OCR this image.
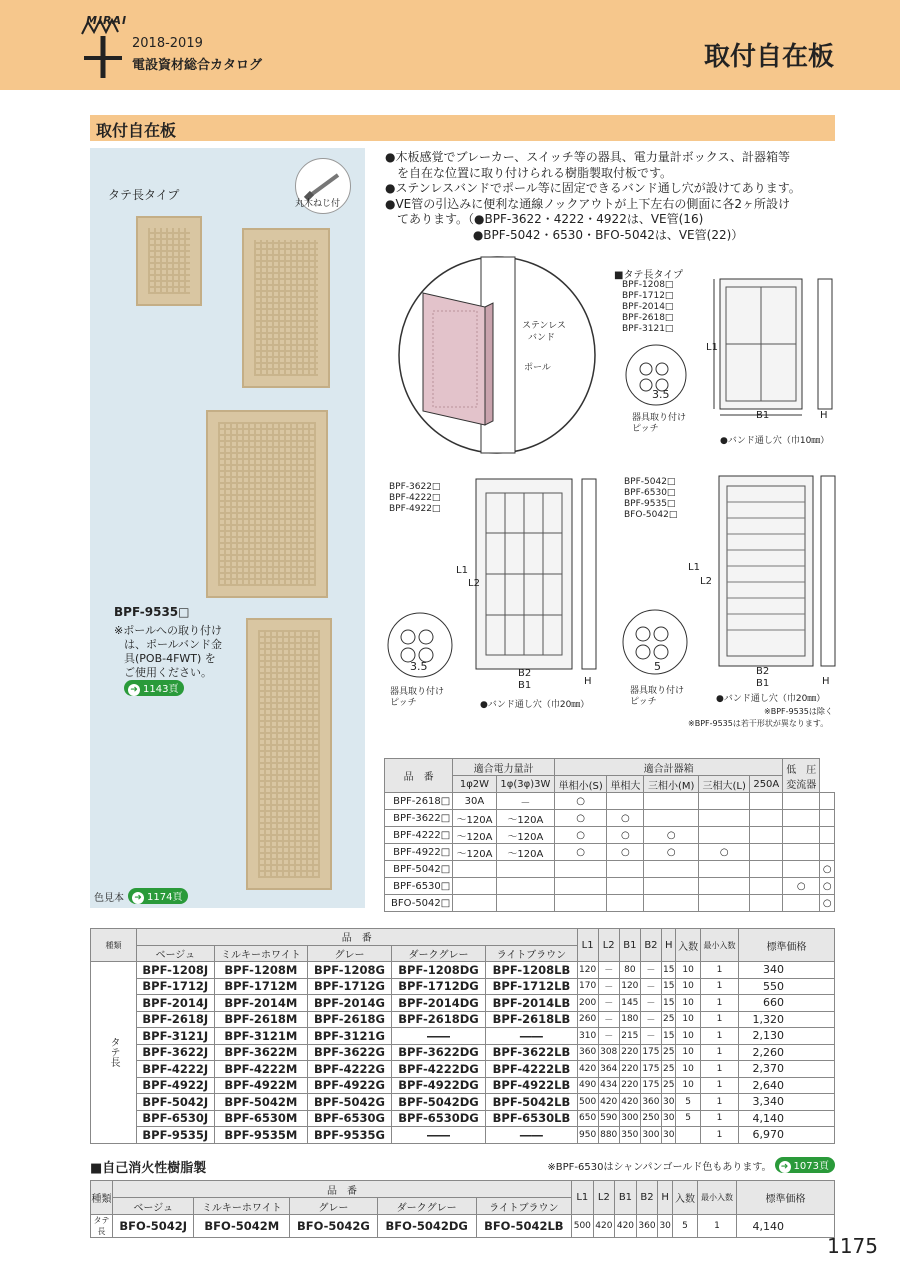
MIRAI
2018-2019
電設資材総合カタログ	取付自在板
取付自在板
タテ長タイプ
丸木ねじ付
BPF-9535□
※ポールへの取り付け
は、ポールバンド金
具(POB-4FWT) を
ご使用ください。
➜ 1143頁
色見本	➜ 1174頁

●木板感覚でブレーカー、スイッチ等の器具、電力量計ボックス、計器箱等

　を自在な位置に取り付けられる樹脂製取付板です。

●ステンレスバンドでポール等に固定できるバンド通し穴が設けてあります。

●VE管の引込みに便利な通線ノックアウトが上下左右の側面に各2ヶ所設け

　てあります。（●BPF-3622・4222・4922は、VE管(16)

　　　　　　　 ●BPF-5042・6530・BFO-5042は、VE管(22)）

ステンレス
バンド
ポール
■タテ長タイプ
BPF-1208□
BPF-1712□
BPF-2014□
BPF-2618□
BPF-3121□
L1
B1	H
3.5
器具取り付け
ピッチ
●バンド通し穴（巾10㎜）
BPF-3622□
BPF-4222□
BPF-4922□
L1
L2
B2
B1	H
3.5
器具取り付け
ピッチ	●バンド通し穴（巾20㎜）
BPF-5042□
BPF-6530□
BPF-9535□
BFO-5042□
L1
L2
B2
B1	H
5
器具取り付け
ピッチ	●バンド通し穴（巾20㎜）
※BPF-9535は除く
※BPF-9535は若干形状が異なります。
品　番	適合電力量計		適合計器箱					低　圧
変流器	

	1φ2W	1φ(3φ)3W	単相小(S)	単相大	三相小(M)	三相大(L)	250A		
BPF-2618□	30A	－	○						
BPF-3622□	～120A	～120A	○	○					
BPF-4222□	～120A	～120A	○	○	○				
BPF-4922□	～120A	～120A	○	○	○	○			
BPF-5042□									○
BPF-6530□								○	○
BFO-5042□									○
種類	品　番					L1	L2	B1	B2	H	入数	最小入数	標準価格
	ベージュ	ミルキーホワイト	グレー	ダークグレー	ライトブラウン								
タテ長	BPF-1208J	BPF-1208M	BPF-1208G	BPF-1208DG	BPF-1208LB	120	－	80	－	15	10	1	340
	BPF-1712J	BPF-1712M	BPF-1712G	BPF-1712DG	BPF-1712LB	170	－	120	－	15	10	1	550
	BPF-2014J	BPF-2014M	BPF-2014G	BPF-2014DG	BPF-2014LB	200	－	145	－	15	10	1	660
	BPF-2618J	BPF-2618M	BPF-2618G	BPF-2618DG	BPF-2618LB	260	－	180	－	25	10	1	1,320
	BPF-3121J	BPF-3121M	BPF-3121G	――	――	310	－	215	－	15	10	1	2,130
	BPF-3622J	BPF-3622M	BPF-3622G	BPF-3622DG	BPF-3622LB	360	308	220	175	25	10	1	2,260
	BPF-4222J	BPF-4222M	BPF-4222G	BPF-4222DG	BPF-4222LB	420	364	220	175	25	10	1	2,370
	BPF-4922J	BPF-4922M	BPF-4922G	BPF-4922DG	BPF-4922LB	490	434	220	175	25	10	1	2,640
	BPF-5042J	BPF-5042M	BPF-5042G	BPF-5042DG	BPF-5042LB	500	420	420	360	30	5	1	3,340
	BPF-6530J	BPF-6530M	BPF-6530G	BPF-6530DG	BPF-6530LB	650	590	300	250	30	5	1	4,140
	BPF-9535J	BPF-9535M	BPF-9535G	――	――	950	880	350	300	30		1	6,970
■自己消火性樹脂製	※BPF-6530はシャンパンゴールド色もあります。	➜ 1073頁
種類	品　番					L1	L2	B1	B2	H	入数	最小入数	標準価格
	ベージュ	ミルキーホワイト	グレー	ダークグレー	ライトブラウン								
タテ長	BFO-5042J	BFO-5042M	BFO-5042G	BFO-5042DG	BFO-5042LB	500	420	420	360	30	5	1	4,140
1175
